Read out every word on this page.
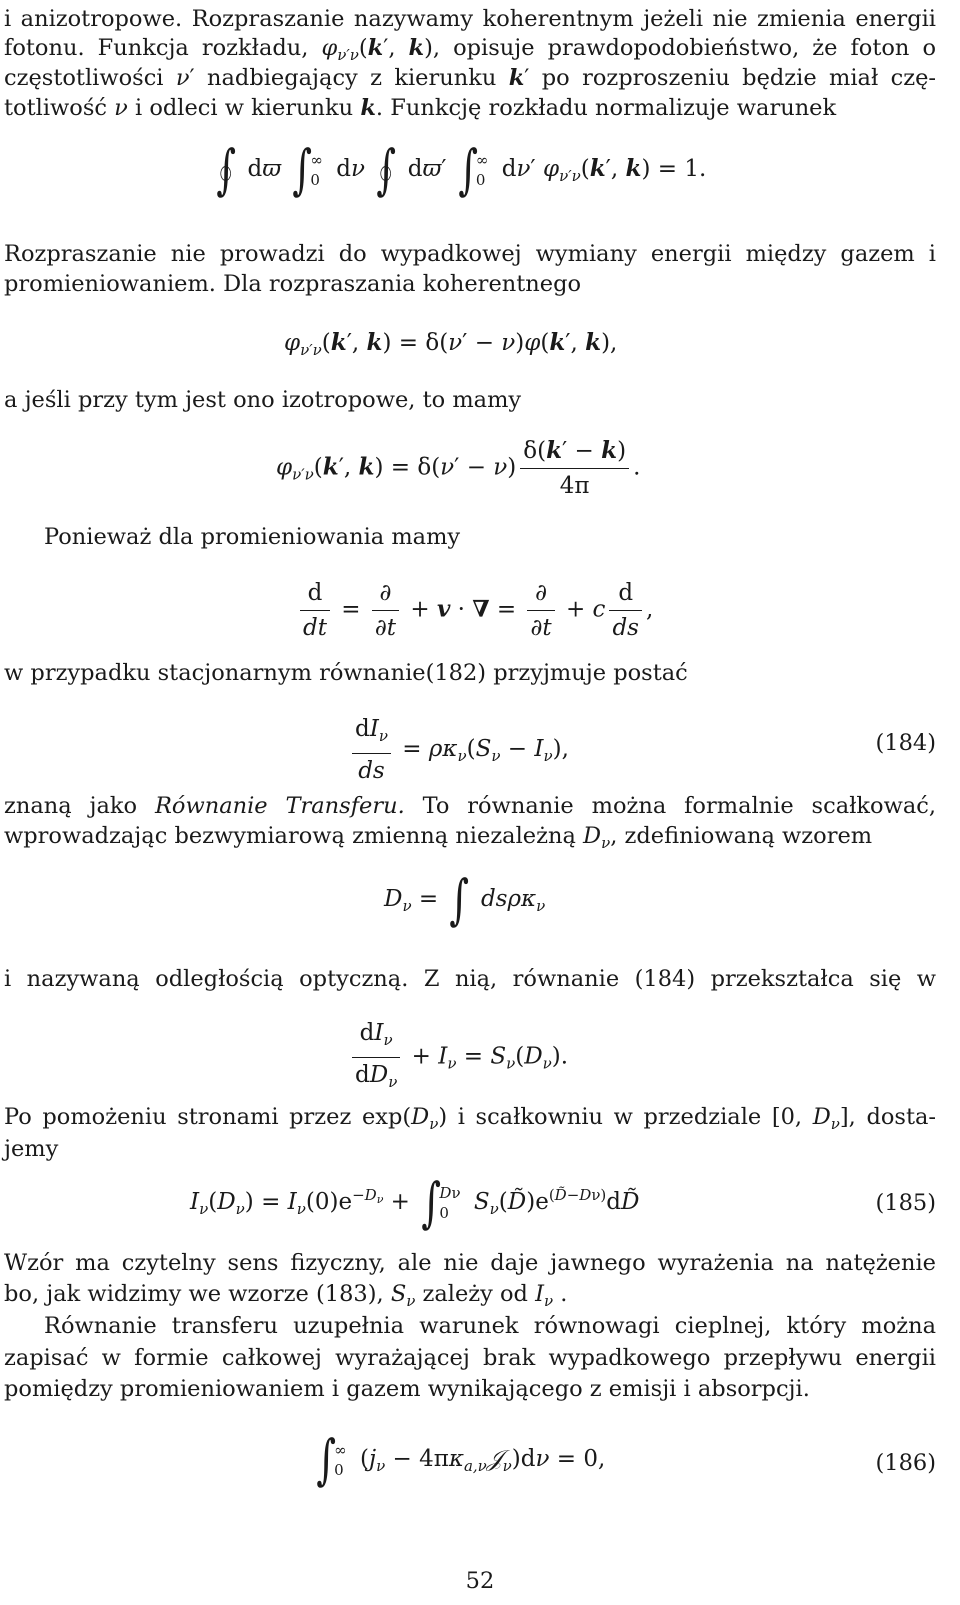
i anizotropowe. Rozpraszanie nazywamy koherentnym jeżeli nie zmienia energii
fotonu. Funkcja rozkładu, $\varphi_{\nu'\nu}(k'$, k), opisuje prawdopodobieństwo, że foton o
częstotliwości ν′ nadbiegający z kierunku k′ po rozproszeniu będzie miał czę-
totliwość ν i odleci w kierunku k. Funkcję rozkładu normalizuje warunek
∫ dϖ ∫
∞
0 dν ∫ dϖ′ ∫
∞
0 dν′ $\varphi_{\nu'\nu}(k'$, k) = 1.
Rozpraszanie nie prowadzi do wypadkowej wymiany energii między gazem i
promieniowaniem. Dla rozpraszania koherentnego
$\varphi_{\nu'\nu}(k'$, k) = δ(ν′ − ν)φ(k′, k),
a jeśli przy tym jest ono izotropowe, to mamy
$\varphi_{\nu'\nu}(k'$, $k) = \delta(\nu' - \nu) \frac{\delta(k' - k)}{4\pi}$ .
Ponieważ dla promieniowania mamy
$\frac{d}{dt} = \frac{\partial}{\partial t} + v$ · ∇ = $\frac{\partial}{\partial t} + c \frac{d}{ds}$ ,
w przypadku stacjonarnym równanie(182) przyjmuje postać
$\frac{dI_\nu}{ds} = \rho\kappa_\nu(S_\nu - I_\nu)$,	(184)
znaną jako Równanie Transferu. To równanie można formalnie scałkować,
wprowadzając bezwymiarową zmienną niezależną $D_\nu$, zdefiniowaną wzorem
$D_\nu$ = ∫ dsρκ$_\nu$
i nazywaną odległością optyczną. Z nią, równanie (184) przekształca się w
$\frac{dI_\nu}{dD_\nu} + I_\nu = S_\nu(D_\nu)$.
Po pomożeniu stronami przez $\exp(D_\nu)$ i scałkowniu w przedziale [0, $D_\nu$], dosta-
jemy
$I_\nu(D_\nu) = I_\nu(0)e^{-D_\nu}$ + ∫
Dν
0	$S_\nu(D̃)e^{(D̃-D\nu)}dD̃$	(185)
Wzór ma czytelny sens fizyczny, ale nie daje jawnego wyrażenia na natężenie
bo, jak widzimy we wzorze (183), $S_\nu$ zależy od $I_\nu$ .
Równanie transferu uzupełnia warunek równowagi cieplnej, który można
zapisać w formie całkowej wyrażającej brak wypadkowego przepływu energii
pomiędzy promieniowaniem i gazem wynikającego z emisji i absorpcji.
∫
∞
0 ($j_\nu$ − $4\pi\kappa_{a,\nu}𝒥_\nu)d\nu = 0$,	(186)
52
